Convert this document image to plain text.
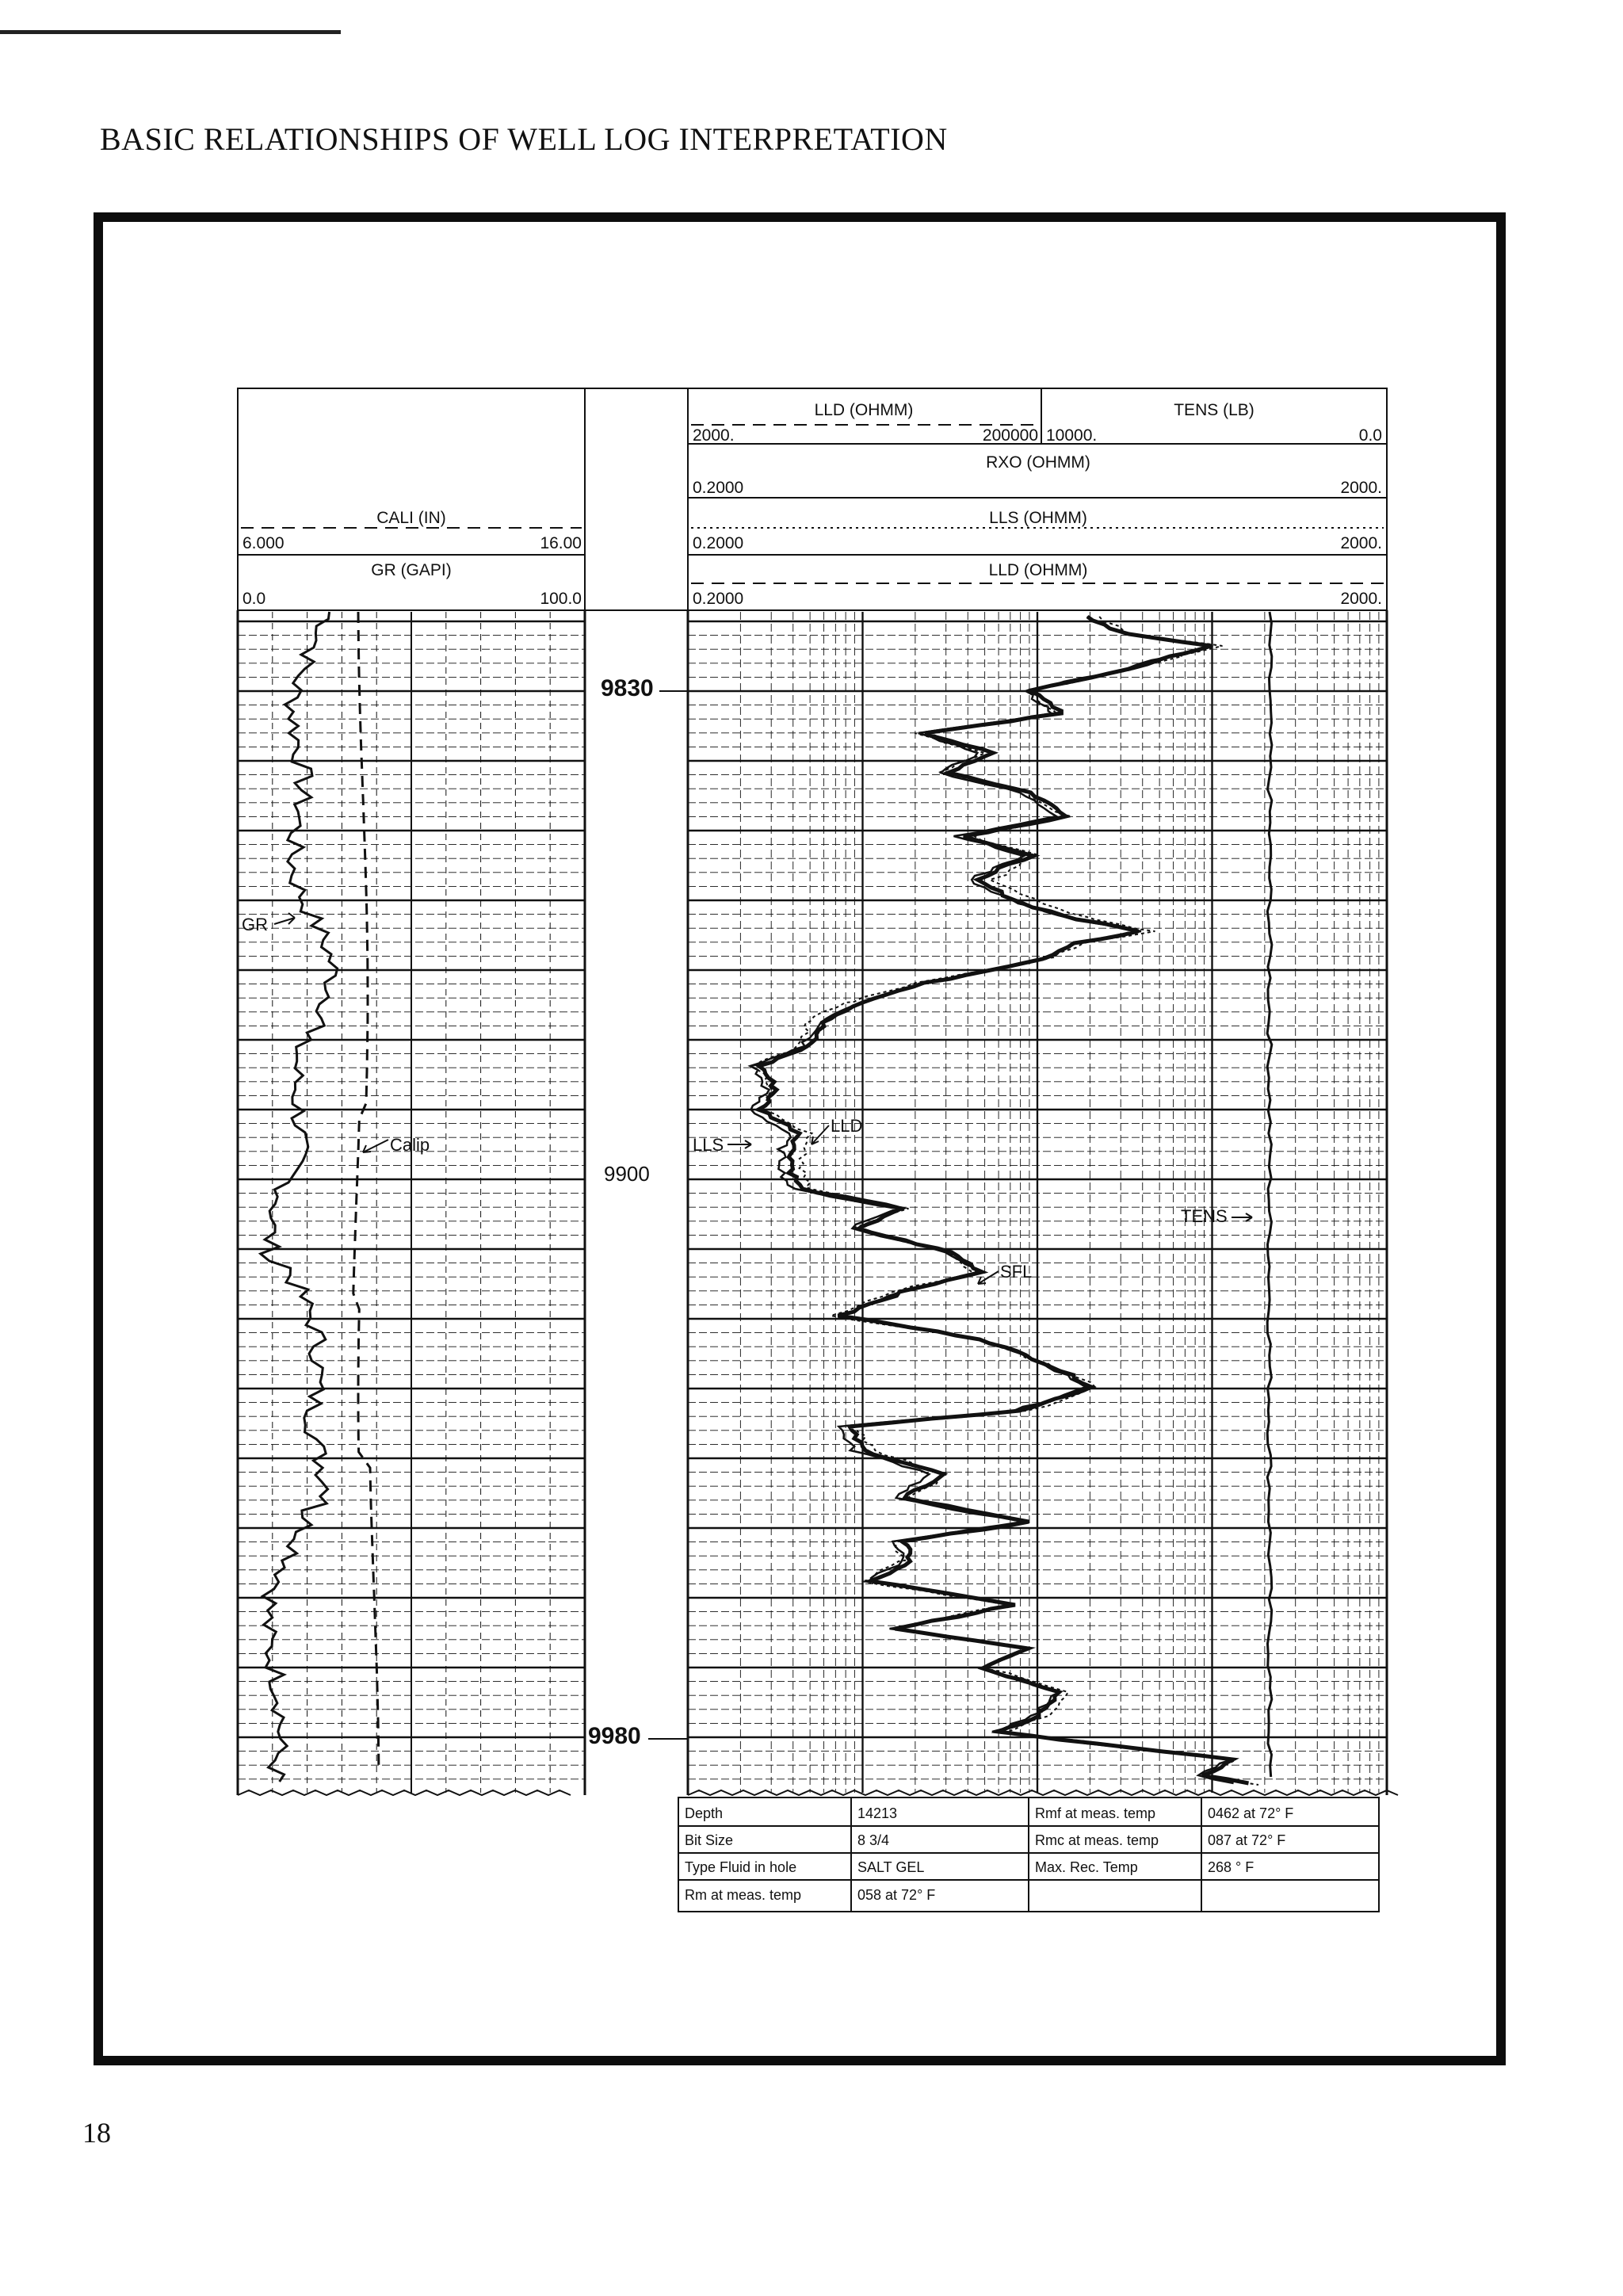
BASIC RELATIONSHIPS OF WELL LOG INTERPRETATION
18
CALI (IN)
6.000	16.00
GR (GAPI)
0.0	100.0
LLD (OHMM)
2000.	200000
TENS (LB)
10000.	0.0
RXO (OHMM)
0.2000	2000.
LLS (OHMM)
0.2000	2000.
LLD (OHMM)
0.2000	2000.
9830
9900
9980
GR
Calip	LLS
LLD
SFL
TENS
Depth	14213	Rmf at meas. temp	0462 at 72° F
Bit Size	8 3/4	Rmc at meas. temp	087 at 72° F
Type Fluid in hole	SALT GEL	Max. Rec. Temp	268 ° F
Rm at meas. temp	058 at 72° F
